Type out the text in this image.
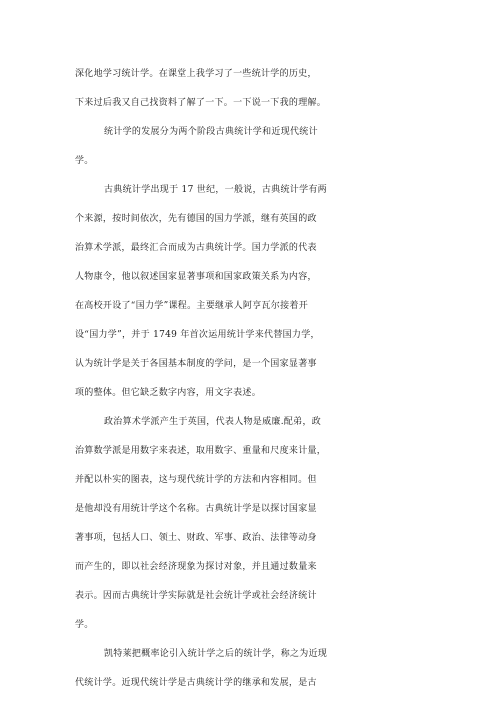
深化地学习统计学。在课堂上我学习了一些统计学的历史，
下来过后我又自己找资料了解了一下。一下说一下我的理解。
统计学的发展分为两个阶段古典统计学和近现代统计
学。
古典统计学出现于 17 世纪，一般说，古典统计学有两
个来源，按时间依次，先有德国的国力学派，继有英国的政
治算术学派，最终汇合而成为古典统计学。国力学派的代表
人物康令，他以叙述国家显著事项和国家政策关系为内容，
在高校开设了“国力学”课程。主要继承人阿亨瓦尔接着开
设“国力学”，并于 1749 年首次运用统计学来代替国力学，
认为统计学是关于各国基本制度的学问，是一个国家显著事
项的整体。但它缺乏数字内容，用文字表述。
政治算术学派产生于英国，代表人物是威廉.配弟，政
治算数学派是用数字来表述，取用数字、重量和尺度来计量，
并配以朴实的图表，这与现代统计学的方法和内容相同。但
是他却没有用统计学这个名称。古典统计学是以探讨国家显
著事项，包括人口、领土、财政、军事、政治、法律等动身
而产生的，即以社会经济现象为探讨对象，并且通过数量来
表示。因而古典统计学实际就是社会统计学或社会经济统计
学。
凯特莱把概率论引入统计学之后的统计学，称之为近现
代统计学。近现代统计学是古典统计学的继承和发展，是古
